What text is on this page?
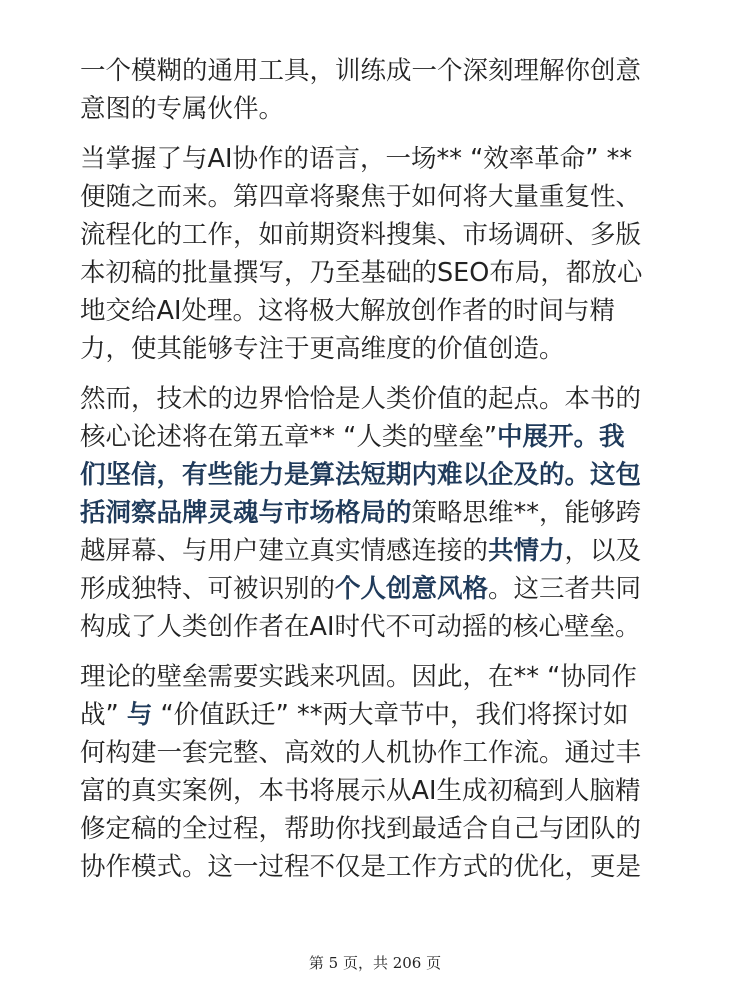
一个模糊的通用工具，训练成一个深刻理解你创意
意图的专属伙伴。

当掌握了与AI协作的语言，一场** “效率革命” **
便随之而来。第四章将聚焦于如何将大量重复性、
流程化的工作，如前期资料搜集、市场调研、多版
本初稿的批量撰写，乃至基础的SEO布局，都放心
地交给AI处理。这将极大解放创作者的时间与精
力，使其能够专注于更高维度的价值创造。

然而，技术的边界恰恰是人类价值的起点。本书的
核心论述将在第五章** “人类的壁垒”中展开。我
们坚信，有些能力是算法短期内难以企及的。这包
括洞察品牌灵魂与市场格局的策略思维**，能够跨
越屏幕、与用户建立真实情感连接的共情力，以及
形成独特、可被识别的个人创意风格。这三者共同
构成了人类创作者在AI时代不可动摇的核心壁垒。

理论的壁垒需要实践来巩固。因此，在** “协同作
战” 与 “价值跃迁” **两大章节中，我们将探讨如
何构建一套完整、高效的人机协作工作流。通过丰
富的真实案例，本书将展示从AI生成初稿到人脑精
修定稿的全过程，帮助你找到最适合自己与团队的
协作模式。这一过程不仅是工作方式的优化，更是

第 5 页，共 206 页
